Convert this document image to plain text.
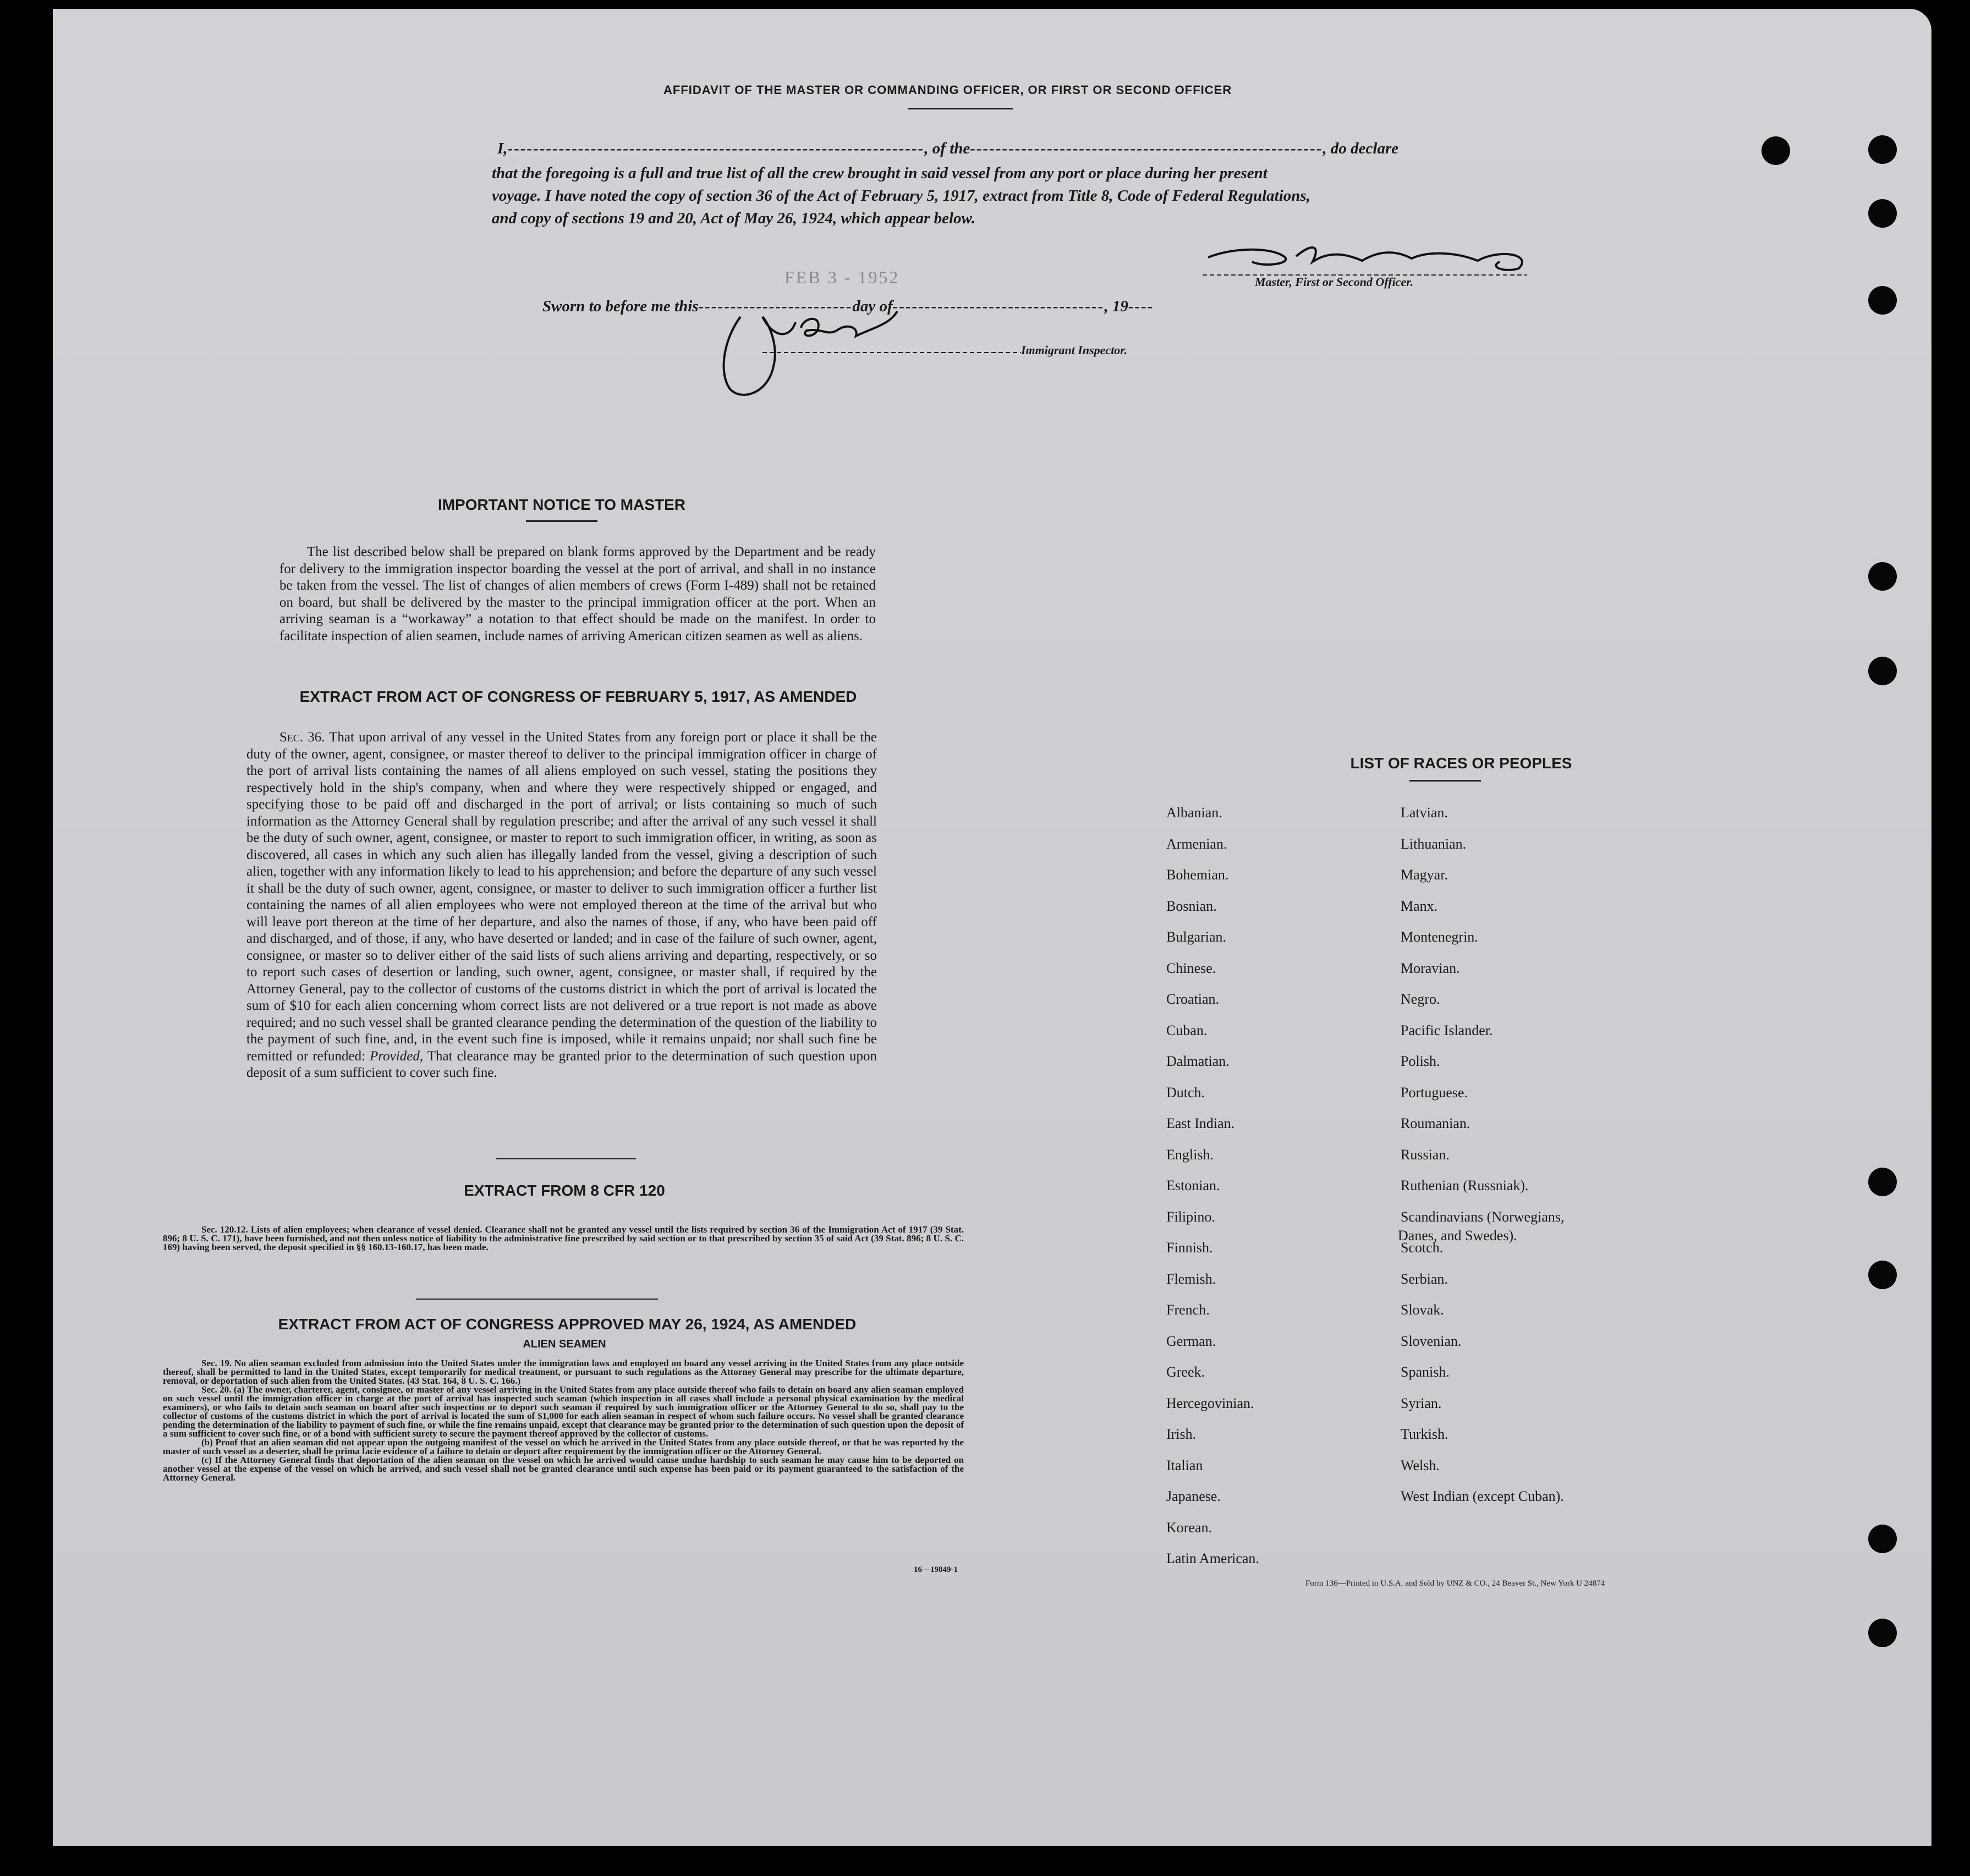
AFFIDAVIT OF THE MASTER OR COMMANDING OFFICER, OR FIRST OR SECOND OFFICER
I,-----------------------------------------------------------------, of the-------------------------------------------------------, do declare
that the foregoing is a full and true list of all the crew brought in said vessel from any port or place during her present
voyage. I have noted the copy of section 36 of the Act of February 5, 1917, extract from Title 8, Code of Federal Regulations,
and copy of sections 19 and 20, Act of May 26, 1924, which appear below.
Master, First or Second Officer.
FEB 3 - 1952
Sworn to before me this------------------------day of---------------------------------, 19----
Immigrant Inspector.
IMPORTANT NOTICE TO MASTER

The list described below shall be prepared on blank forms approved by the Department and be ready for delivery to the immigration inspector boarding the vessel at the port of arrival, and shall in no instance be taken from the vessel. The list of changes of alien members of crews (Form I-489) shall not be retained on board, but shall be delivered by the master to the principal immigration officer at the port. When an arriving seaman is a “workaway” a notation to that effect should be made on the manifest. In order to facilitate inspection of alien seamen, include names of arriving American citizen seamen as well as aliens.

EXTRACT FROM ACT OF CONGRESS OF FEBRUARY 5, 1917, AS AMENDED

Sec. 36. That upon arrival of any vessel in the United States from any foreign port or place it shall be the duty of the owner, agent, consignee, or master thereof to deliver to the principal immigration officer in charge of the port of arrival lists containing the names of all aliens employed on such vessel, stating the positions they respectively hold in the ship's company, when and where they were respectively shipped or engaged, and specifying those to be paid off and discharged in the port of arrival; or lists containing so much of such information as the Attorney General shall by regulation prescribe; and after the arrival of any such vessel it shall be the duty of such owner, agent, consignee, or master to report to such immigration officer, in writing, as soon as discovered, all cases in which any such alien has illegally landed from the vessel, giving a description of such alien, together with any information likely to lead to his apprehension; and before the departure of any such vessel it shall be the duty of such owner, agent, consignee, or master to deliver to such immigration officer a further list containing the names of all alien employees who were not employed thereon at the time of the arrival but who will leave port thereon at the time of her departure, and also the names of those, if any, who have been paid off and discharged, and of those, if any, who have deserted or landed; and in case of the failure of such owner, agent, consignee, or master so to deliver either of the said lists of such aliens arriving and departing, respectively, or so to report such cases of desertion or landing, such owner, agent, consignee, or master shall, if required by the Attorney General, pay to the collector of customs of the customs district in which the port of arrival is located the sum of $10 for each alien concerning whom correct lists are not delivered or a true report is not made as above required; and no such vessel shall be granted clearance pending the determination of the question of the liability to the payment of such fine, and, in the event such fine is imposed, while it remains unpaid; nor shall such fine be remitted or refunded: Provided, That clearance may be granted prior to the determination of such question upon deposit of a sum sufficient to cover such fine.

EXTRACT FROM 8 CFR 120

Sec. 120.12. Lists of alien employees; when clearance of vessel denied. Clearance shall not be granted any vessel until the lists required by section 36 of the Immigration Act of 1917 (39 Stat. 896; 8 U. S. C. 171), have been furnished, and not then unless notice of liability to the administrative fine prescribed by said section or to that prescribed by section 35 of said Act (39 Stat. 896; 8 U. S. C. 169) having been served, the deposit specified in §§ 160.13-160.17, has been made.

EXTRACT FROM ACT OF CONGRESS APPROVED MAY 26, 1924, AS AMENDED
ALIEN SEAMEN

Sec. 19. No alien seaman excluded from admission into the United States under the immigration laws and employed on board any vessel arriving in the United States from any place outside thereof, shall be permitted to land in the United States, except temporarily for medical treatment, or pursuant to such regulations as the Attorney General may prescribe for the ultimate departure, removal, or deportation of such alien from the United States. (43 Stat. 164, 8 U. S. C. 166.)

Sec. 20. (a) The owner, charterer, agent, consignee, or master of any vessel arriving in the United States from any place outside thereof who fails to detain on board any alien seaman employed on such vessel until the immigration officer in charge at the port of arrival has inspected such seaman (which inspection in all cases shall include a personal physical examination by the medical examiners), or who fails to detain such seaman on board after such inspection or to deport such seaman if required by such immigration officer or the Attorney General to do so, shall pay to the collector of customs of the customs district in which the port of arrival is located the sum of $1,000 for each alien seaman in respect of whom such failure occurs. No vessel shall be granted clearance pending the determination of the liability to payment of such fine, or while the fine remains unpaid, except that clearance may be granted prior to the determination of such question upon the deposit of a sum sufficient to cover such fine, or of a bond with sufficient surety to secure the payment thereof approved by the collector of customs.

(b) Proof that an alien seaman did not appear upon the outgoing manifest of the vessel on which he arrived in the United States from any place outside thereof, or that he was reported by the master of such vessel as a deserter, shall be prima facie evidence of a failure to detain or deport after requirement by the immigration officer or the Attorney General.

(c) If the Attorney General finds that deportation of the alien seaman on the vessel on which he arrived would cause undue hardship to such seaman he may cause him to be deported on another vessel at the expense of the vessel on which he arrived, and such vessel shall not be granted clearance until such expense has been paid or its payment guaranteed to the satisfaction of the Attorney General.

16—19849-1
LIST OF RACES OR PEOPLES
Albanian.
Armenian.
Bohemian.
Bosnian.
Bulgarian.
Chinese.
Croatian.
Cuban.
Dalmatian.
Dutch.
East Indian.
English.
Estonian.
Filipino.
Finnish.
Flemish.
French.
German.
Greek.
Hercegovinian.
Irish.
Italian
Japanese.
Korean.
Latin American.
Latvian.
Lithuanian.
Magyar.
Manx.
Montenegrin.
Moravian.
Negro.
Pacific Islander.
Polish.
Portuguese.
Roumanian.
Russian.
Ruthenian (Russniak).
Scandinavians (Norwegians,
Danes, and Swedes).
Scotch.
Serbian.
Slovak.
Slovenian.
Spanish.
Syrian.
Turkish.
Welsh.
West Indian (except Cuban).
Form 136—Printed in U.S.A. and Sold by UNZ & CO., 24 Beaver St., New York U 24874
